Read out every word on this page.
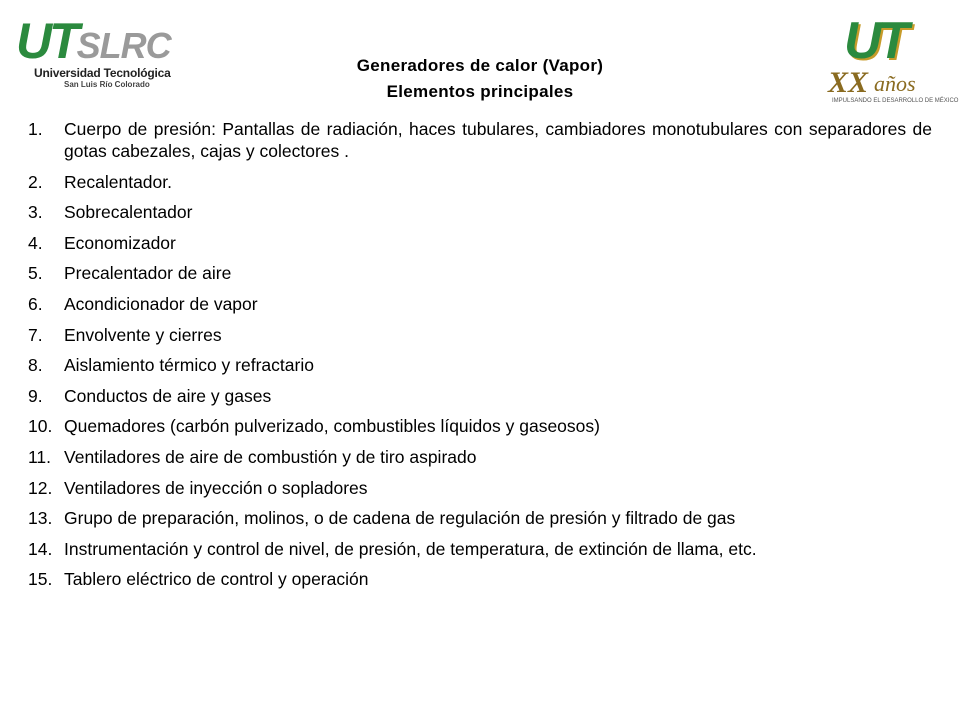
UTSLRC
Universidad Tecnológica
San Luis Río Colorado
UT
XX años
IMPULSANDO EL DESARROLLO DE MÉXICO
Generadores de calor (Vapor)
Elementos principales
1. Cuerpo de presión: Pantallas de radiación, haces tubulares, cambiadores monotubulares con separadores de gotas cabezales, cajas y colectores .
2. Recalentador.
3. Sobrecalentador
4. Economizador
5. Precalentador de aire
6. Acondicionador de vapor
7. Envolvente y cierres
8. Aislamiento térmico y refractario
9. Conductos de aire y gases
10. Quemadores (carbón pulverizado, combustibles líquidos y gaseosos)
11. Ventiladores de aire de combustión y de tiro aspirado
12. Ventiladores de inyección o sopladores
13. Grupo de preparación, molinos, o de cadena de regulación de presión y filtrado de gas
14. Instrumentación y control de nivel, de presión, de temperatura, de extinción de llama, etc.
15. Tablero eléctrico de control y operación
